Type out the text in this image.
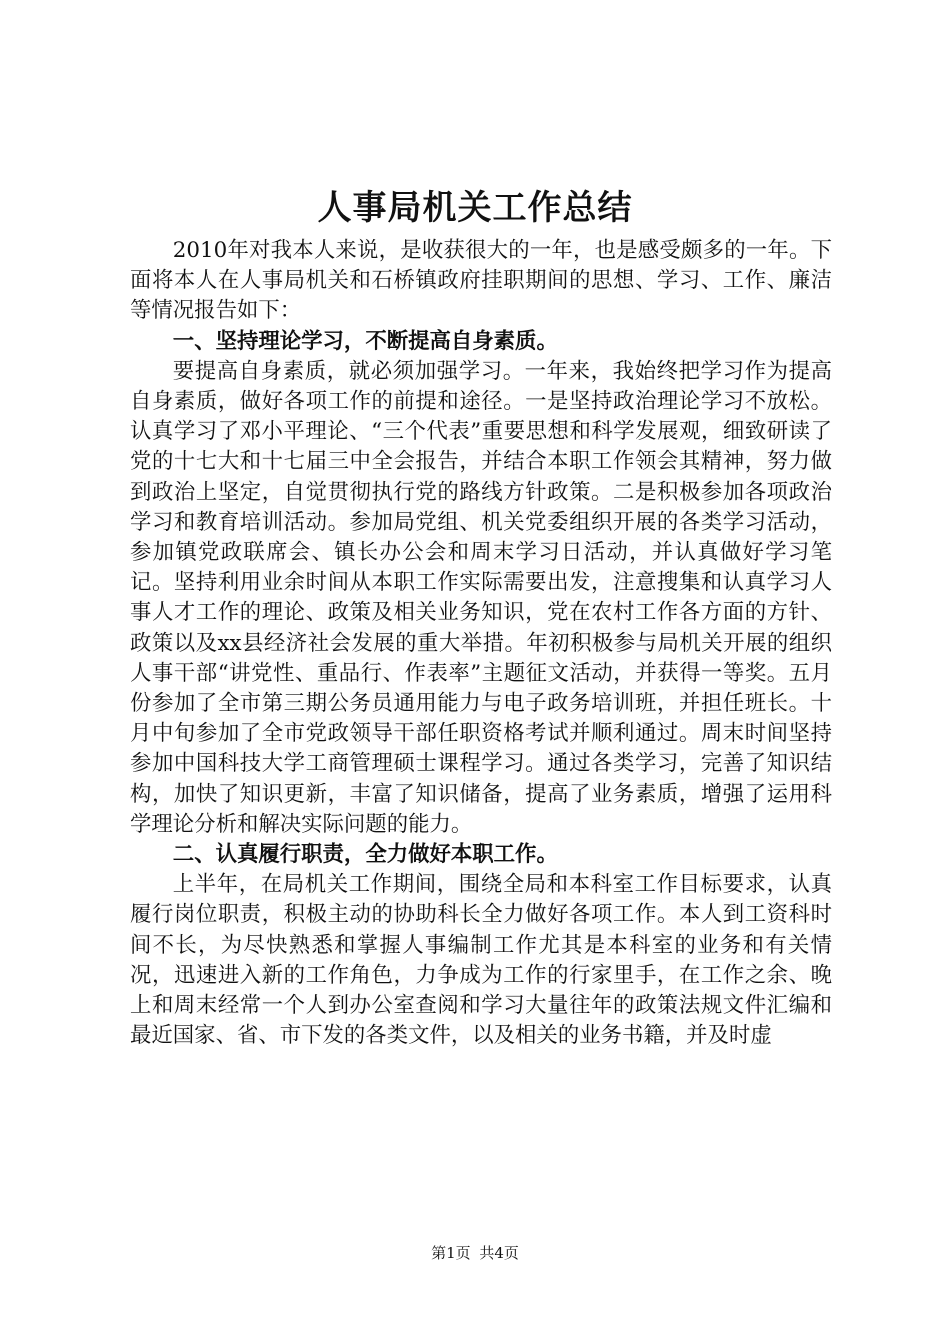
人事局机关工作总结

2010年对我本人来说，是收获很大的一年，也是感受颇多的一年。下面将本人在人事局机关和石桥镇政府挂职期间的思想、学习、工作、廉洁等情况报告如下：

一、坚持理论学习，不断提高自身素质。

要提高自身素质，就必须加强学习。一年来，我始终把学习作为提高自身素质，做好各项工作的前提和途径。一是坚持政治理论学习不放松。认真学习了邓小平理论、“三个代表”重要思想和科学发展观，细致研读了党的十七大和十七届三中全会报告，并结合本职工作领会其精神，努力做到政治上坚定，自觉贯彻执行党的路线方针政策。二是积极参加各项政治学习和教育培训活动。参加局党组、机关党委组织开展的各类学习活动，参加镇党政联席会、镇长办公会和周末学习日活动，并认真做好学习笔记。坚持利用业余时间从本职工作实际需要出发，注意搜集和认真学习人事人才工作的理论、政策及相关业务知识，党在农村工作各方面的方针、政策以及xx县经济社会发展的重大举措。年初积极参与局机关开展的组织人事干部“讲党性、重品行、作表率”主题征文活动，并获得一等奖。五月份参加了全市第三期公务员通用能力与电子政务培训班，并担任班长。十月中旬参加了全市党政领导干部任职资格考试并顺利通过。周末时间坚持参加中国科技大学工商管理硕士课程学习。通过各类学习，完善了知识结构，加快了知识更新，丰富了知识储备，提高了业务素质，增强了运用科学理论分析和解决实际问题的能力。

二、认真履行职责，全力做好本职工作。

上半年，在局机关工作期间，围绕全局和本科室工作目标要求，认真履行岗位职责，积极主动的协助科长全力做好各项工作。本人到工资科时间不长，为尽快熟悉和掌握人事编制工作尤其是本科室的业务和有关情况，迅速进入新的工作角色，力争成为工作的行家里手，在工作之余、晚上和周末经常一个人到办公室查阅和学习大量往年的政策法规文件汇编和最近国家、省、市下发的各类文件，以及相关的业务书籍，并及时虚

第1页 共4页
